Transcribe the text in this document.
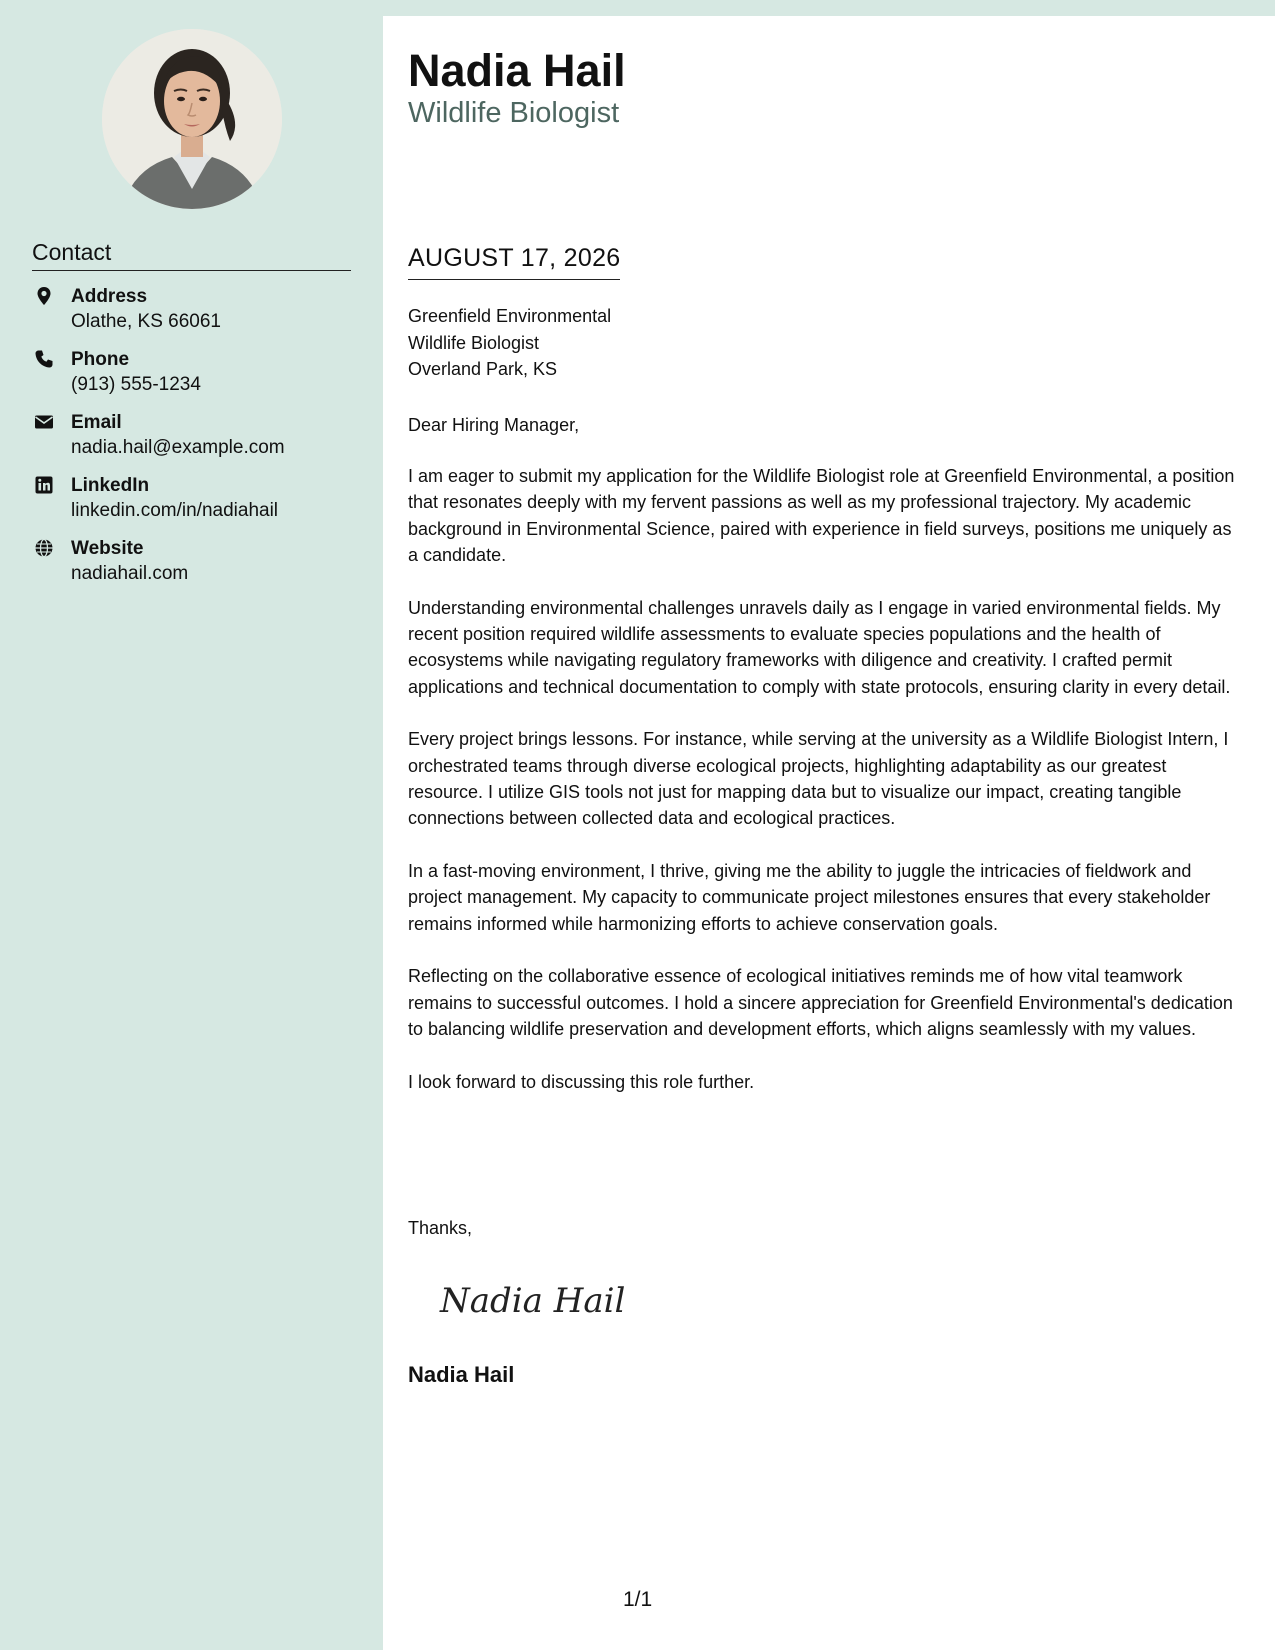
Contact
Address
Olathe, KS 66061
Phone
(913) 555-1234
Email
nadia.hail@example.com
LinkedIn
linkedin.com/in/nadiahail
Website
nadiahail.com
Nadia Hail
Wildlife Biologist
AUGUST 17, 2026
Greenfield Environmental
Wildlife Biologist
Overland Park, KS
Dear Hiring Manager,

I am eager to submit my application for the Wildlife Biologist role at Greenfield Environmental, a position that resonates deeply with my fervent passions as well as my professional trajectory. My academic background in Environmental Science, paired with experience in field surveys, positions me uniquely as a candidate.

Understanding environmental challenges unravels daily as I engage in varied environmental fields. My recent position required wildlife assessments to evaluate species populations and the health of ecosystems while navigating regulatory frameworks with diligence and creativity. I crafted permit applications and technical documentation to comply with state protocols, ensuring clarity in every detail.

Every project brings lessons. For instance, while serving at the university as a Wildlife Biologist Intern, I orchestrated teams through diverse ecological projects, highlighting adaptability as our greatest resource. I utilize GIS tools not just for mapping data but to visualize our impact, creating tangible connections between collected data and ecological practices.

In a fast-moving environment, I thrive, giving me the ability to juggle the intricacies of fieldwork and project management. My capacity to communicate project milestones ensures that every stakeholder remains informed while harmonizing efforts to achieve conservation goals.

Reflecting on the collaborative essence of ecological initiatives reminds me of how vital teamwork remains to successful outcomes. I hold a sincere appreciation for Greenfield Environmental's dedication to balancing wildlife preservation and development efforts, which aligns seamlessly with my values.

I look forward to discussing this role further.

Thanks,
Nadia Hail
Nadia Hail
1/1
